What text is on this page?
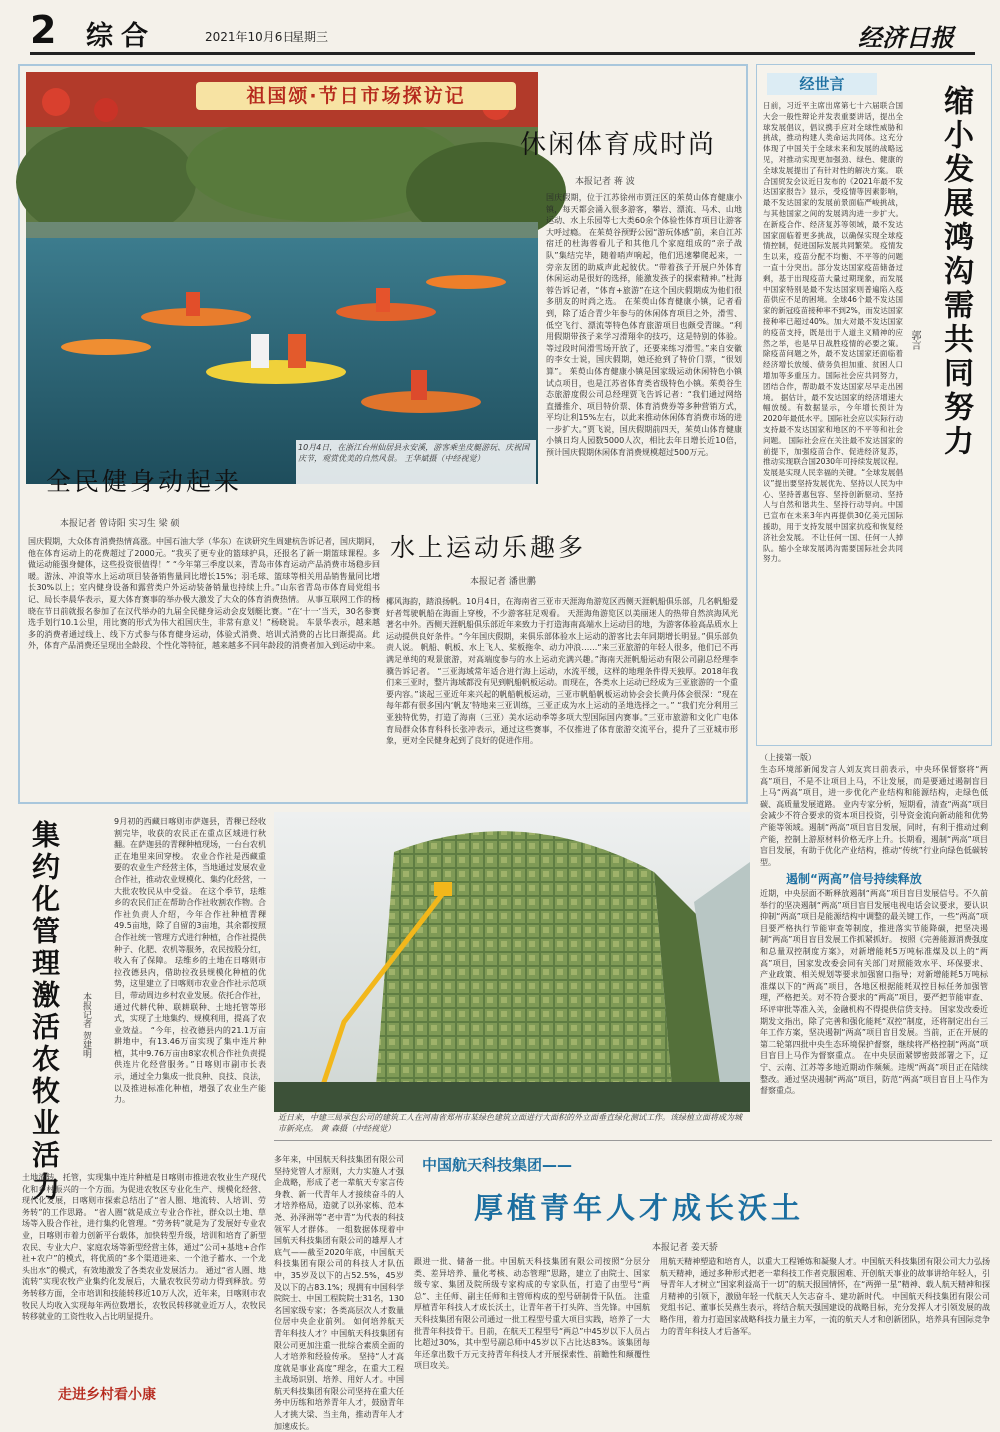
2 综合	2021年10月6日
星期三	经济日报
祖国颂·节日市场探访记
10月4日，在浙江台州仙居县永安溪，游客乘坐皮艇游玩、庆祝国庆节，观赏优美的自然风景。 王华斌摄（中经视觉）
休闲体育成时尚
本报记者 蒋 波
国庆假期，位于江苏徐州市贾汪区的茱萸山体育健康小镇，每天都会涌入很多游客，攀岩、漂流、马术、山地运动、水上乐园等七大类60余个体验性体育项目让游客大呼过瘾。 在茱萸谷预野公园“游玩体感”前，来自江苏宿迁的杜海蓉看儿子和其他几个家庭组成的“亲子战队”集结完毕，随着哨声响起，他们迅速攀爬起来，一旁亲友团的助威声此起彼伏。“带着孩子开展户外体育休闲运动是很好的选择，能激发孩子的探索精神。”杜海蓉告诉记者，“体育+旅游”在这个国庆假期成为他们很多朋友的时尚之选。 在茱萸山体育健康小镇，记者看到，除了适合青少年参与的休闲体育项目之外，滑雪、低空飞行、漂流等特色体育旅游项目也颇受青睐。“利用假期带孩子来学习滑翔伞的技巧，这是特别的体验。等过段时间滑雪场开放了，还要来练习滑雪。”来自安徽的李女士说，国庆假期，她还抢到了特价门票，“很划算”。 茱萸山体育健康小镇是国家级运动休闲特色小镇试点项目，也是江苏省体育类省级特色小镇。茱萸谷生态旅游度假公司总经理贾飞告诉记者：“我们通过网络直播推介、项目特价票、体育消费券等多种营销方式，平均让利15%左右，以此来推动休闲体育消费市场的进一步扩大。”贾飞说，国庆假期前四天，茱萸山体育健康小镇日均人园数5000人次，相比去年日增长近10倍，预计国庆假期休闲体育消费规模超过500万元。
全民健身动起来
本报记者 曾诗阳 实习生 梁 硕
国庆假期，大众体育消费热情高涨。中国石油大学（华东）在读研究生周建杭告诉记者，国庆期间，他在体育运动上的花费超过了2000元。“我买了更专业的篮球护具，还报名了新一期篮球课程。多做运动能强身健体，这些投资很值得！” “今年第三季度以来，青岛市体育运动产品消费市场稳步回暖。游泳、冲浪等水上运动项目装备销售量同比增长15%；羽毛球、篮球等相关用品销售量同比增长30%以上；室内健身设备和露营类户外运动装备销量也持续上升。”山东省青岛市体育局党组书记、局长李晨华表示，夏大体育赛事的举办极大激发了大众的体育消费热情。 从事互联网工作的杨晓在节日前就报名参加了在汉代举办的九届全民健身运动会皮划艇比赛。“在‘十一’当天，30名参赛选手划行10.1公里，用比赛的形式为伟大祖国庆生，非常有意义！”杨晓说。 车景华表示，越来越多的消费者通过线上、线下方式参与体育健身运动，体验式消费、培训式消费的占比日渐提高。此外，体育产品消费还呈现出全龄段、个性化等特征，越来越多不同年龄段的消费者加入到运动中来。
水上运动乐趣多
本报记者 潘世鹏
椰风海韵，踏浪扬帆。10月4日，在海南省三亚市天涯海角游览区西侧天涯帆船俱乐部，几名帆船爱好者驾驶帆船在海面上穿梭，不少游客驻足观看。 天涯海角游览区以美丽迷人的热带自然滨海风光著名中外。西侧天涯帆船俱乐部近年来致力于打造海南高端水上运动目的地，为游客体验高品质水上运动提供良好条件。“今年国庆假期，来俱乐部体验水上运动的游客比去年同期增长明显。”俱乐部负责人说。 帆船、帆板、水上飞人、桨板拖伞、动力冲浪……“来三亚旅游的年轻人很多，他们已不再满足单纯的观景旅游，对高端度参与的水上运动充满兴趣。”海南天涯帆船运动有限公司副总经理李骥告诉记者。 “三亚海域常年适合进行海上运动，水流平缓，这样的地理条件得天独厚。2018年我们来三亚时，整片海域都没有见到帆船帆板运动。而现在，各类水上运动已经成为三亚旅游的一个重要内容。”谈起三亚近年来兴起的帆船帆板运动，三亚市帆船帆板运动协会会长黄丹体会很深：“现在每年都有很多国内‘帆友’特地来三亚训练，三亚正成为水上运动的圣地选择之一。” “我们充分利用三亚独特优势，打造了海南（三亚）美水运动季等多项大型国际国内赛事。”三亚市旅游和文化广电体育局群众体育科科长张冲表示，通过这些赛事，不仅推进了体育旅游交流平台，提升了三亚城市形象，更对全民健身起到了良好的促进作用。
经世言
缩小发展鸿沟需共同努力
郭言
日前，习近平主席出席第七十六届联合国大会一般性辩论并发表重要讲话，提出全球发展倡议，倡议携手应对全球性威胁和挑战，推动构建人类命运共同体。这充分体现了中国关于全球未来和发展的战略远见，对推动实现更加强劲、绿色、健康的全球发展提出了有针对性的解决方案。 联合国贸发会议近日发布的《2021年最不发达国家报告》显示，受疫情等因素影响，最不发达国家的发展前景面临严峻挑战，与其他国家之间的发展鸿沟进一步扩大。在新疫合作、经济复苏等领域，最不发达国家面临着更多挑战，以确保实现全球疫情控制，促进国际发展共同繁荣。 疫情发生以来，疫苗分配不均衡、不平等的问题一直十分突出。部分发达国家疫苗储备过剩，基于出现疫苗大量过期现象，而发展中国家特别是最不发达国家则普遍陷入疫苗供应不足的困境。全球46个最不发达国家的新冠疫苗接种率不到2%，而发达国家接种率已超过40%。加大对最不发达国家的疫苗支持，既是出于人道主义精神的应然之举，也是早日战胜疫情的必要之策。 除疫苗问题之外，最不发达国家还面临着经济增长放缓、债务负担加重、贫困人口增加等多重压力。国际社会应共同努力，团结合作，帮助最不发达国家尽早走出困境。 据估计，最不发达国家的经济增速大幅放缓。有数据显示，今年增长预计为2020年最低水平。国际社会应以实际行动支持最不发达国家和地区的不平等和社会问题。 国际社会应在关注最不发达国家的前提下，加强疫苗合作、促进经济复苏，推动实现联合国2030年可持续发展议程。 发展是实现人民幸福的关键。“全球发展倡议”提出要坚持发展优先、坚持以人民为中心、坚持普惠包容、坚持创新驱动、坚持人与自然和谐共生、坚持行动导向。中国已宣布在未来3年内再提供30亿美元国际援助，用于支持发展中国家抗疫和恢复经济社会发展。 不让任何一国、任何一人掉队。缩小全球发展鸿沟需要国际社会共同努力。
（上接第一版）
生态环境部新闻发言人刘友宾日前表示，中央环保督察将“两高”项目，不是不让项目上马，不让发展，而是要通过遏制盲目上马“两高”项目，进一步优化产业结构和能源结构，走绿色低碳、高质量发展道路。 业内专家分析，短期看，清查“两高”项目会减少不符合要求的资本项目投资，引导资金流向新动能和优势产能等领域。遏制“两高”项目盲目发展，同时，有利于推动过剩产能，控制上游原材料价格无序上升。长期看，遏制“两高”项目盲目发展，有助于优化产业结构，推动“传统”行业向绿色低碳转型。
遏制“两高”信号持续释放
近期，中央层面不断释放遏制“两高”项目盲目发展信号。不久前举行的坚决遏制“两高”项目盲目发展电视电话会议要求，要认识抑制“两高”项目是能源结构中调整的最关键工作，一些“两高”项目要严格执行节能审查等制度，推进落实节能降碳，把坚决遏制“两高”项目盲目发展工作抓紧抓好。 按照《完善能源消费强度和总量双控制度方案》，对新增能耗5万吨标准煤及以上的“两高”项目，国家发改委会同有关部门对照能效水平、环保要求、产业政策、相关规划等要求加强窗口指导；对新增能耗5万吨标准煤以下的“两高”项目，各地区根据能耗双控目标任务加强管理，严格把关。对不符合要求的“两高”项目，要严把节能审查、环评审批等准入关，金融机构不得提供信贷支持。 国家发改委近期发文指出，除了完善和强化能耗“双控”制度，还将制定出台三年工作方案，坚决遏制“两高”项目盲目发展。当前，正在开展的第二轮第四批中央生态环境保护督察，继续将严格控制“两高”项目盲目上马作为督察重点。 在中央层面紧锣密鼓部署之下，辽宁、云南、江苏等多地近期动作频频。违规“两高”项目正在陆续整改。通过坚决遏制“两高”项目，防范“两高”项目盲目上马作为督察重点。
集约化管理激活农牧业活力	本报记者 贺建明
9月初的西藏日喀则市萨迦县，青稞已经收割完毕，收获的农民正在重点区域进行秋翻。在萨迦县的青稞种植现场，一台台农机正在地里来回穿梭。 农业合作社是西藏重要的农业生产经营主体，当地通过发展农业合作社，推动农业规模化、集约化经营，一大批农牧民从中受益。 在这个季节，珐维乡的农民们正在帮助合作社收割农作物。合作社负责人介绍，今年合作社种植青稞49.5亩地，除了自留的3亩地，其余都按照合作社统一管理方式进行种植，合作社提供种子、化肥、农机等服务，农民按股分红，收入有了保障。 珐维乡的土地在日喀则市拉孜德县内，借助拉孜县规模化种植的优势，这里建立了日喀则市农业合作社示范项目，带动周边乡村农业发展。依托合作社，通过代耕代种、联耕联种、土地托管等形式，实现了土地集约、规模利用，提高了农业效益。 “今年，拉孜德县内的21.1万亩耕地中，有13.46万亩实现了集中连片种植，其中9.76万亩由8家农机合作社负责提供连片化经营服务。”日喀则市副市长表示，通过全力集成一批良种、良技、良法，以及推进标准化种植，增强了农业生产能力。
土地流转、托管，实现集中连片种植是日喀则市推进农牧业生产现代化和乡村振兴的一个方面。为促进农牧区专业化生产、规模化经营、现代化发展，日喀则市探索总结出了“省人圈、地流转、人培训、劳务转”的工作思路。 “省人圈”就是成立专业合作社，群众以土地、草场等入股合作社，进行集约化管理。“劳务转”就是为了发展好专业农业，日喀则市着力创新平台载体，加快转型升级，培训和培育了新型农民、专业大户、家庭农场等新型经营主体，通过“公司+基地+合作社+农户”的模式，将优质的“多个渠道进来、一个池子蓄水、一个龙头出水”的模式，有效地激发了各类农业发展活力。 通过“省人圈、地流转”实现农牧产业集约化发展后，大量农牧民劳动力得到释放。劳务转移方面，全市培训和技能转移近10万人次，近年来，日喀则市农牧民人均收入实现每年两位数增长，农牧民转移就业近万人，农牧民转移就业的工资性收入占比明显提升。
近日来，中建三局承包公司的建筑工人在河南省郑州市某绿色建筑立面进行大面积的外立面垂直绿化测试工作。该绿植立面将成为城市新亮点。 黄 森摄（中经视觉）
多年来，中国航天科技集团有限公司坚持党管人才原则，大力实施人才强企战略，形成了老一辈航天专家言传身教、新一代青年人才接续奋斗的人才培养格局，造就了以孙家栋、范本尧、孙泽洲等“老中青”为代表的科技领军人才群体。 一组数据体现着中国航天科技集团有限公司的雄厚人才底气——截至2020年底，中国航天科技集团有限公司的科技人才队伍中，35岁及以下的占52.5%，45岁及以下的占83.1%；现拥有中国科学院院士、中国工程院院士31名，130名国家级专家；各类高层次人才数量位居中央企业前列。 如何培养航天青年科技人才？中国航天科技集团有限公司更加注重一批综合素质全面的人才培养和经验传承。 坚持“人才高度就是事业高度”理念，在重大工程主战场识别、培养、用好人才。中国航天科技集团有限公司坚持在重大任务中历练和培养青年人才，鼓励青年人才挑大梁、当主角，推动青年人才加速成长。
中国航天科技集团——
厚植青年人才成长沃土
本报记者 姜天骄
跟进一批、储备一批。中国航天科技集团有限公司按照“分层分类、差异培养、量化考核、动态管理”思路，建立了由院士、国家级专家、集团及院所级专家构成的专家队伍，打造了由型号“两总”、主任师、副主任师和主管师构成的型号研制骨干队伍。 注重厚植青年科技人才成长沃土，让青年者干打头阵、当先锋。中国航天科技集团有限公司通过一批工程型号重大项目实践，培养了一大批青年科技骨干。目前，在航天工程型号“两总”中45岁以下人员占比超过30%，其中型号副总师中45岁以下占比达83%。该集团每年还拿出数千万元支持青年科技人才开展探索性、前瞻性和颠覆性项目攻关。
用航天精神塑造和培育人，以重大工程锤炼和凝聚人才。中国航天科技集团有限公司大力弘扬航天精神，通过多种形式把老一辈科技工作者克服困难、开创航天事业的故事讲给年轻人，引导青年人才树立“国家利益高于一切”的航天报国情怀，在“两弹一星”精神、载人航天精神和探月精神的引领下，激励年轻一代航天人矢志奋斗、建功新时代。 中国航天科技集团有限公司党组书记、董事长吴燕生表示，将结合航天强国建设的战略目标，充分发挥人才引领发展的战略作用，着力打造国家战略科技力量主力军，一流的航天人才和创新团队，培养具有国际竞争力的青年科技人才后备军。
走进乡村看小康
